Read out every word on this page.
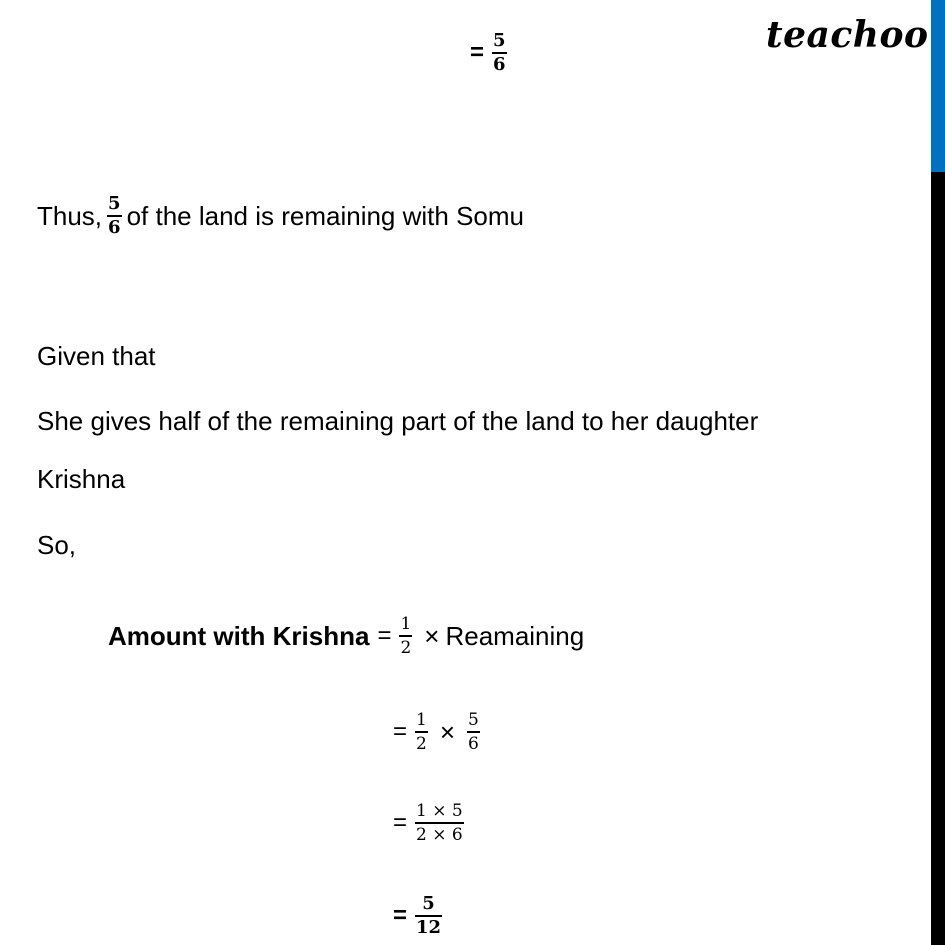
teachoo
= $\frac{5}{6}$
Thus, $\frac{5}{6}$ of the land is remaining with Somu
Given that
She gives half of the remaining part of the land to her daughter
Krishna
So,
Amount with Krishna = $\frac{1}{2}$ × Reamaining
= $\frac{1}{2} \times \frac{5}{6}$
= $\frac{1 \times 5}{2 \times 6}$
= $\frac{5}{12}$
